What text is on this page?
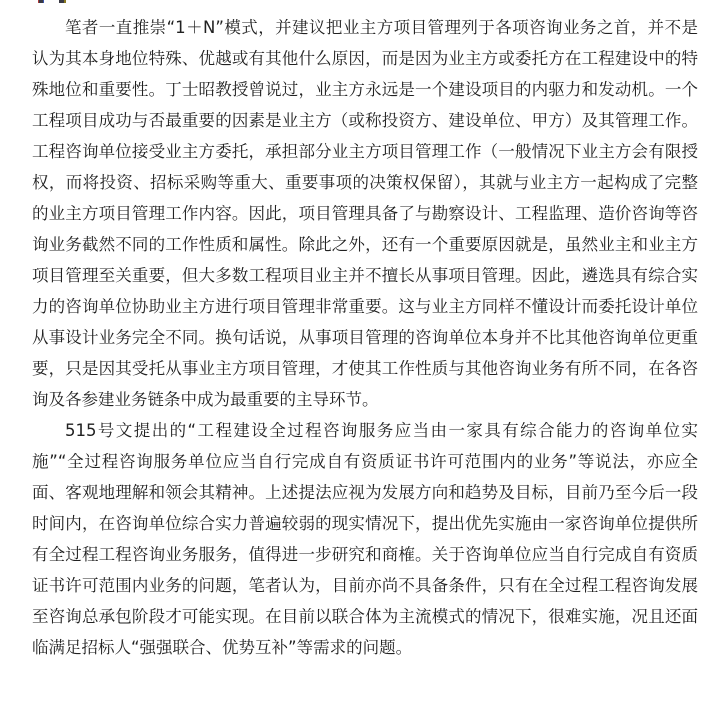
笔者一直推崇“1＋N”模式，并建议把业主方项目管理列于各项咨询业务之首，并不是认为其本身地位特殊、优越或有其他什么原因，而是因为业主方或委托方在工程建设中的特殊地位和重要性。丁士昭教授曾说过，业主方永远是一个建设项目的内驱力和发动机。一个工程项目成功与否最重要的因素是业主方（或称投资方、建设单位、甲方）及其管理工作。工程咨询单位接受业主方委托，承担部分业主方项目管理工作（一般情况下业主方会有限授权，而将投资、招标采购等重大、重要事项的决策权保留），其就与业主方一起构成了完整的业主方项目管理工作内容。因此，项目管理具备了与勘察设计、工程监理、造价咨询等咨询业务截然不同的工作性质和属性。除此之外，还有一个重要原因就是，虽然业主和业主方项目管理至关重要，但大多数工程项目业主并不擅长从事项目管理。因此，遴选具有综合实力的咨询单位协助业主方进行项目管理非常重要。这与业主方同样不懂设计而委托设计单位从事设计业务完全不同。换句话说，从事项目管理的咨询单位本身并不比其他咨询单位更重要，只是因其受托从事业主方项目管理，才使其工作性质与其他咨询业务有所不同，在各咨询及各参建业务链条中成为最重要的主导环节。

515号文提出的“工程建设全过程咨询服务应当由一家具有综合能力的咨询单位实施”“全过程咨询服务单位应当自行完成自有资质证书许可范围内的业务”等说法，亦应全面、客观地理解和领会其精神。上述提法应视为发展方向和趋势及目标，目前乃至今后一段时间内，在咨询单位综合实力普遍较弱的现实情况下，提出优先实施由一家咨询单位提供所有全过程工程咨询业务服务，值得进一步研究和商榷。关于咨询单位应当自行完成自有资质证书许可范围内业务的问题，笔者认为，目前亦尚不具备条件，只有在全过程工程咨询发展至咨询总承包阶段才可能实现。在目前以联合体为主流模式的情况下，很难实施，况且还面临满足招标人“强强联合、优势互补”等需求的问题。
